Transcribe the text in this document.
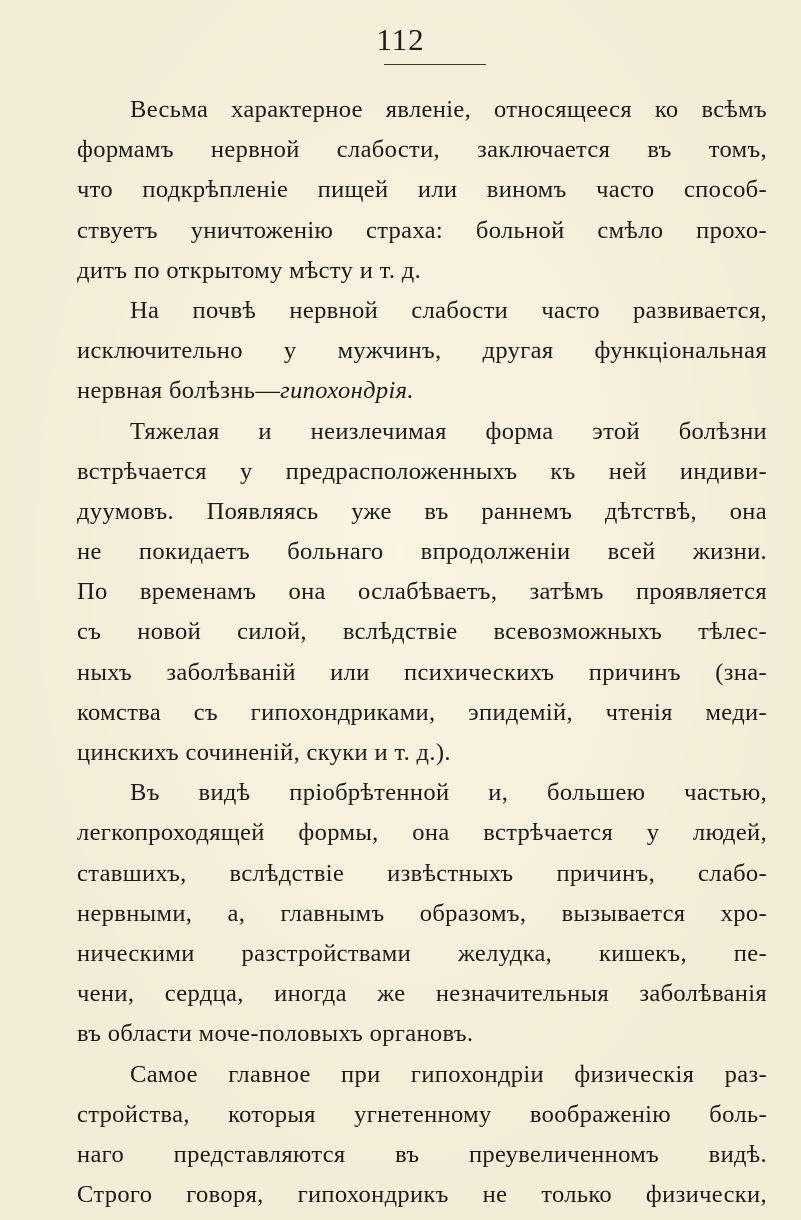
112
Весьма характерное явленіе, относящееся ко всѣмъ
формамъ нервной слабости, заключается въ томъ,
что подкрѣпленіе пищей или виномъ часто способ-
ствуетъ уничтоженію страха: больной смѣло прохо-
дитъ по открытому мѣсту и т. д.
На почвѣ нервной слабости часто развивается,
исключительно у мужчинъ, другая функціональная
нервная болѣзнь—гипохондрія.
Тяжелая и неизлечимая форма этой болѣзни
встрѣчается у предрасположенныхъ къ ней индиви-
дуумовъ. Появляясь уже въ раннемъ дѣтствѣ, она
не покидаетъ больнаго впродолженіи всей жизни.
По временамъ она ослабѣваетъ, затѣмъ проявляется
съ новой силой, вслѣдствіе всевозможныхъ тѣлес-
ныхъ заболѣваній или психическихъ причинъ (зна-
комства съ гипохондриками, эпидемій, чтенія меди-
цинскихъ сочиненій, скуки и т. д.).
Въ видѣ пріобрѣтенной и, большею частью,
легкопроходящей формы, она встрѣчается у людей,
ставшихъ, вслѣдствіе извѣстныхъ причинъ, слабо-
нервными, а, главнымъ образомъ, вызывается хро-
ническими разстройствами желудка, кишекъ, пе-
чени, сердца, иногда же незначительныя заболѣванія
въ области моче-половыхъ органовъ.
Самое главное при гипохондріи физическія раз-
стройства, которыя угнетенному воображенію боль-
наго представляются въ преувеличенномъ видѣ.
Строго говоря, гипохондрикъ не только физически,
